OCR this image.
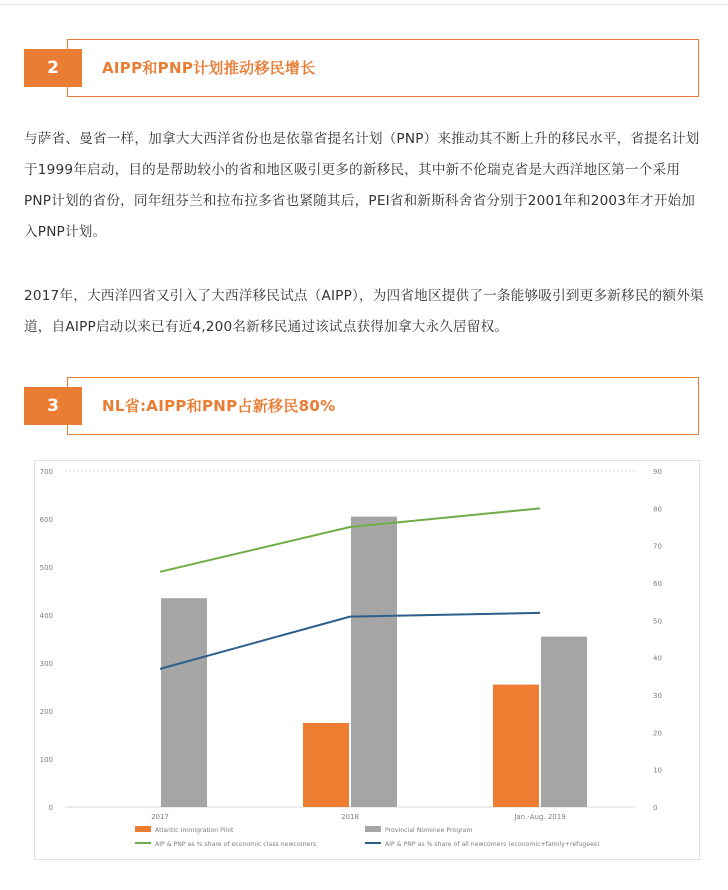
AIPP和PNP计划推动移民增长
2

与萨省、曼省一样，加拿大大西洋省份也是依靠省提名计划（PNP）来推动其不断上升的移民水平，省提名计划于1999年启动，目的是帮助较小的省和地区吸引更多的新移民，其中新不伦瑞克省是大西洋地区第一个采用PNP计划的省份，同年纽芬兰和拉布拉多省也紧随其后，PEI省和新斯科舍省分别于2001年和2003年才开始加入PNP计划。

2017年，大西洋四省又引入了大西洋移民试点（AIPP），为四省地区提供了一条能够吸引到更多新移民的额外渠道，自AIPP启动以来已有近4,200名新移民通过该试点获得加拿大永久居留权。

NL省:AIPP和PNP占新移民80%
3
0
100
200
300
400
500
600
700
0
10
20
30
40
50
60
70
80
90
2017	2018	Jan.-Aug. 2019
Atlantic Immigration Pilot	Provincial Nominee Program
AIP & PNP as % share of economic class newcomers	AIP & PNP as % share of all newcomers (economic+family+refugees)
